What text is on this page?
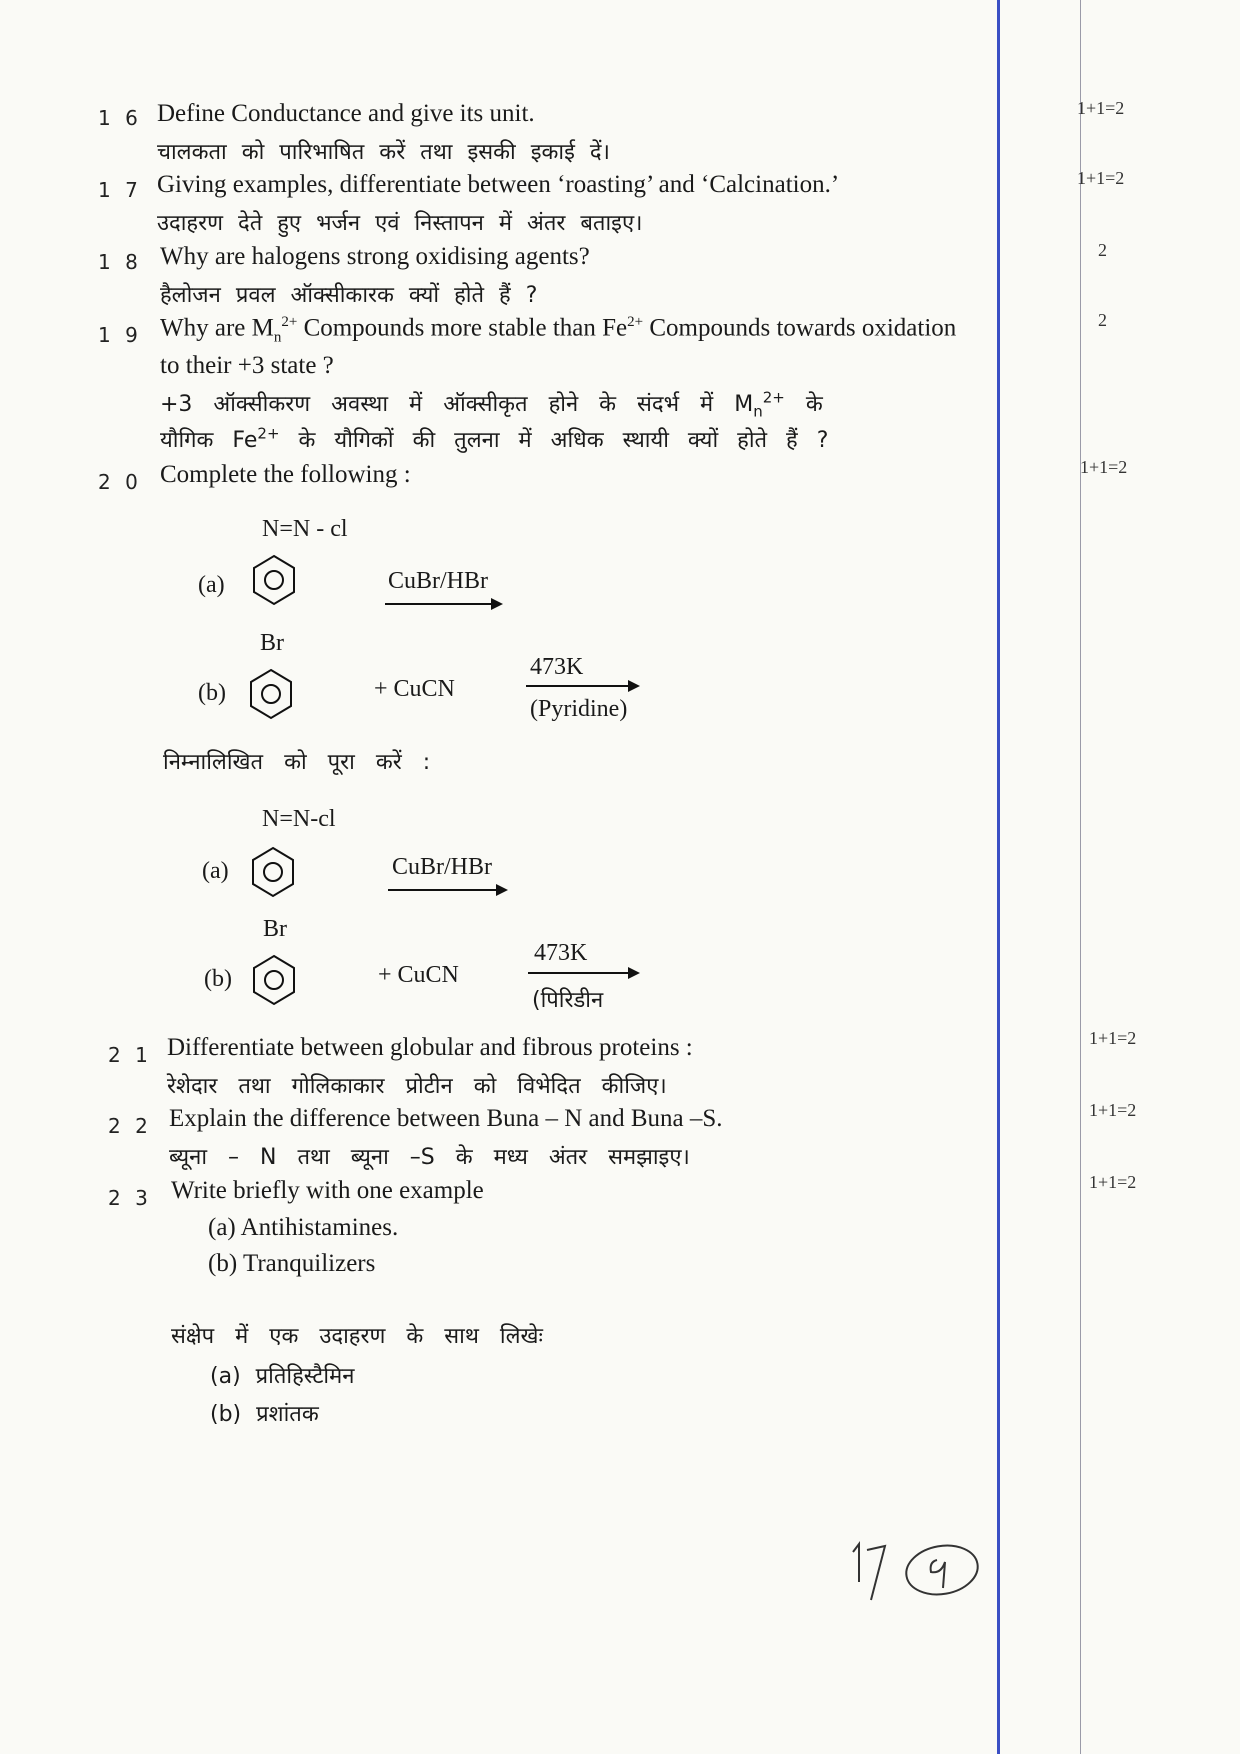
1 6 Define Conductance and give its unit.
चालकता को पारिभाषित करें तथा इसकी इकाई दें।
1+1=2
1 7 Giving examples, differentiate between ‘roasting’ and ‘Calcination.’
उदाहरण देते हुए भर्जन एवं निस्तापन में अंतर बताइए।
1+1=2
1 8 Why are halogens strong oxidising agents?
हैलोजन प्रवल ऑक्सीकारक क्यों होते हैं ?
2
1 9 Why are $M_n^{2+}$ Compounds more stable than $Fe^{2+}$ Compounds towards oxidation
to their +3 state ?
+3 ऑक्सीकरण अवस्था में ऑक्सीकृत होने के संदर्भ में $M_n^{2+}$ के
यौगिक $Fe^{2+}$ के यौगिकों की तुलना में अधिक स्थायी क्यों होते हैं ?
2
2 0 Complete the following :	1+1=2
N=N - cl
(a)	CuBr/HBr
Br
(b)	+ CuCN
473K
(Pyridine)
निम्नालिखित को पूरा करें :
N=N-cl
(a)	CuBr/HBr
Br
(b)	+ CuCN
473K
(पिरिडीन
2 1 Differentiate between globular and fibrous proteins :
रेशेदार तथा गोलिकाकार प्रोटीन को विभेदित कीजिए।
1+1=2
2 2 Explain the difference between Buna – N and Buna –S.
ब्यूना – N तथा ब्यूना –S के मध्य अंतर समझाइए।
1+1=2
2 3 Write briefly with one example
(a) Antihistamines.
(b) Tranquilizers
संक्षेप में एक उदाहरण के साथ लिखेः
(a) प्रतिहिस्टैमिन
(b) प्रशांतक
1+1=2
